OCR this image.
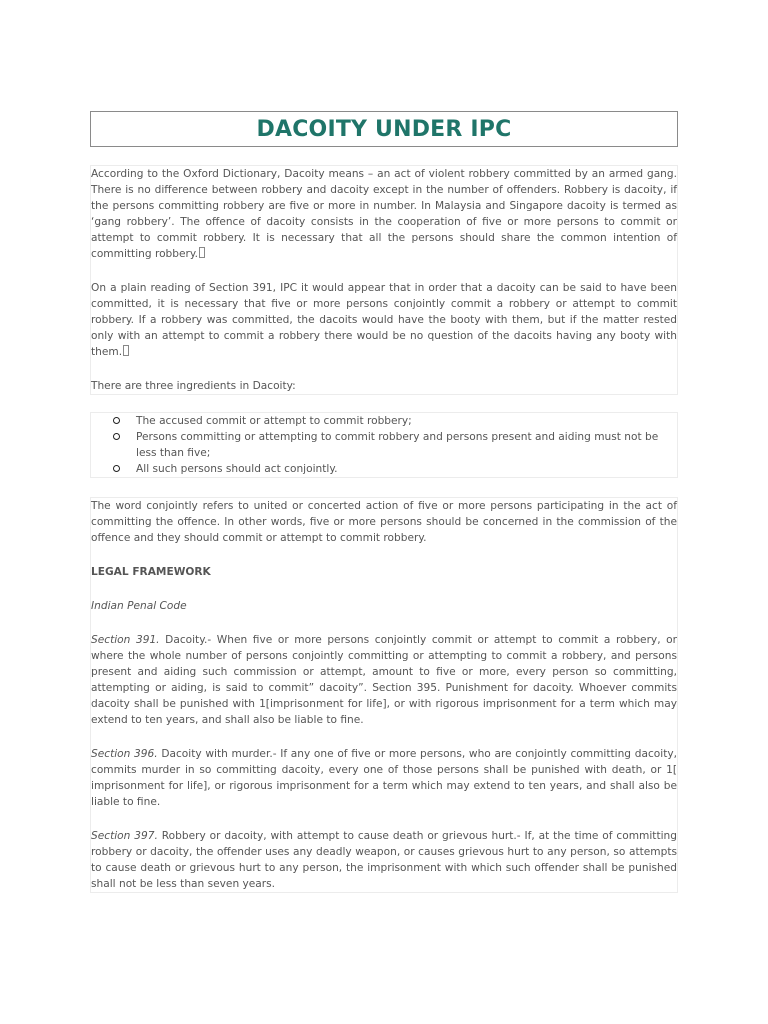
DACOITY UNDER IPC

According to the Oxford Dictionary, Dacoity means – an act of violent robbery committed by an armed gang. There is no difference between robbery and dacoity except in the number of offenders. Robbery is dacoity, if the persons committing robbery are five or more in number. In Malaysia and Singapore dacoity is termed as ‘gang robbery’. The offence of dacoity consists in the cooperation of five or more persons to commit or attempt to commit robbery. It is necessary that all the persons should share the common intention of committing robbery.

On a plain reading of Section 391, IPC it would appear that in order that a dacoity can be said to have been committed, it is necessary that five or more persons conjointly commit a robbery or attempt to commit robbery. If a robbery was committed, the dacoits would have the booty with them, but if the matter rested only with an attempt to commit a robbery there would be no question of the dacoits having any booty with them.

There are three ingredients in Dacoity:

The accused commit or attempt to commit robbery;
Persons committing or attempting to commit robbery and persons present and aiding must not be less than five;
All such persons should act conjointly.

The word conjointly refers to united or concerted action of five or more persons participating in the act of committing the offence. In other words, five or more persons should be concerned in the commission of the offence and they should commit or attempt to commit robbery.

LEGAL FRAMEWORK

Indian Penal Code

Section 391. Dacoity.- When five or more persons conjointly commit or attempt to commit a robbery, or where the whole number of persons conjointly committing or attempting to commit a robbery, and persons present and aiding such commission or attempt, amount to five or more, every person so committing, attempting or aiding, is said to commit” dacoity”. Section 395. Punishment for dacoity. Whoever commits dacoity shall be punished with 1[imprisonment for life], or with rigorous imprisonment for a term which may extend to ten years, and shall also be liable to fine.

Section 396. Dacoity with murder.- If any one of five or more persons, who are conjointly committing dacoity, commits murder in so committing dacoity, every one of those persons shall be punished with death, or 1[ imprisonment for life], or rigorous imprisonment for a term which may extend to ten years, and shall also be liable to fine.

Section 397. Robbery or dacoity, with attempt to cause death or grievous hurt.- If, at the time of committing robbery or dacoity, the offender uses any deadly weapon, or causes grievous hurt to any person, so attempts to cause death or grievous hurt to any person, the imprisonment with which such offender shall be punished shall not be less than seven years.
